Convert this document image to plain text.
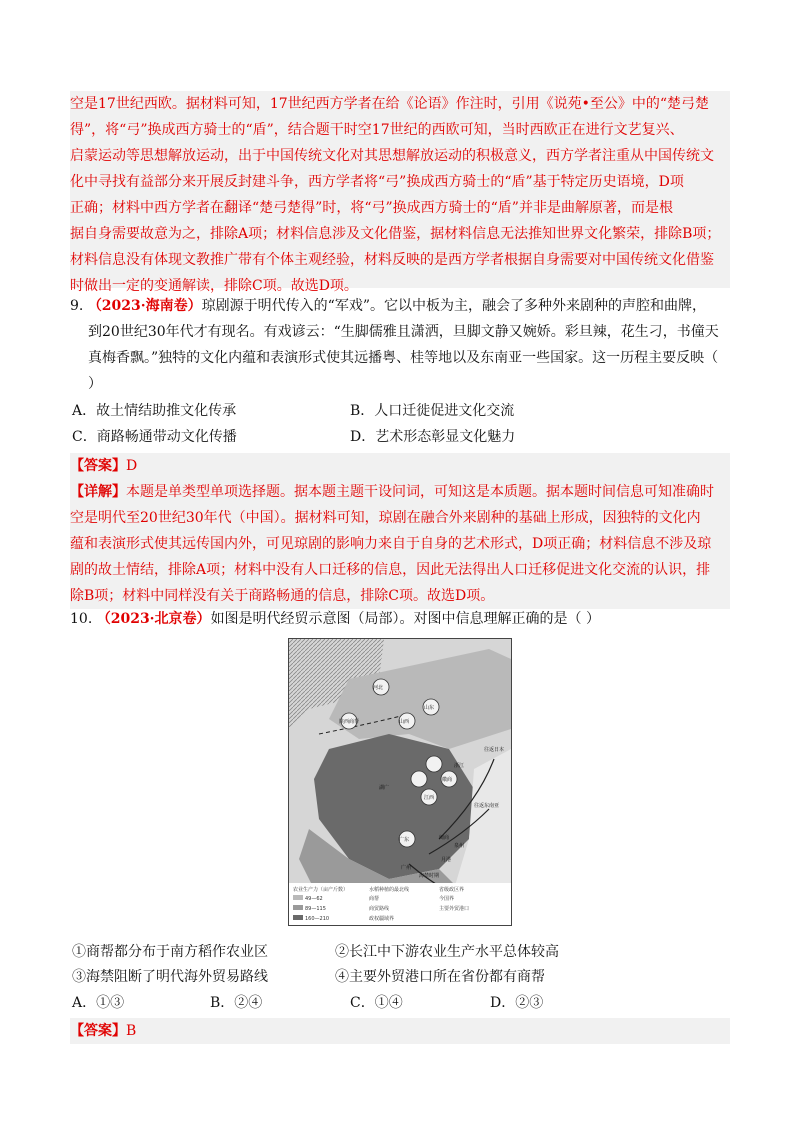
空是17世纪西欧。据材料可知，17世纪西方学者在给《论语》作注时，引用《说苑•至公》中的“楚弓楚
得”，将“弓”换成西方骑士的“盾”，结合题干时空17世纪的西欧可知，当时西欧正在进行文艺复兴、
启蒙运动等思想解放运动，出于中国传统文化对其思想解放运动的积极意义，西方学者注重从中国传统文
化中寻找有益部分来开展反封建斗争，西方学者将“弓”换成西方骑士的“盾”基于特定历史语境，D项
正确；材料中西方学者在翻译“楚弓楚得”时，将“弓”换成西方骑士的“盾”并非是曲解原著，而是根
据自身需要故意为之，排除A项；材料信息涉及文化借鉴，据材料信息无法推知世界文化繁荣，排除B项；
材料信息没有体现文教推广带有个体主观经验，材料反映的是西方学者根据自身需要对中国传统文化借鉴
时做出一定的变通解读，排除C项。故选D项。
9. （2023·海南卷）琼剧源于明代传入的“军戏”。它以中板为主，融会了多种外来剧种的声腔和曲牌，
到20世纪30年代才有现名。有戏谚云：“生脚儒雅且潇洒，旦脚文静又婉娇。彩旦辣，花生刁，书僮天
真梅香飘。”独特的文化内蕴和表演形式使其远播粤、桂等地以及东南亚一些国家。这一历程主要反映（
）
A．故土情结助推文化传承	B．人口迁徙促进文化交流
C．商路畅通带动文化传播	D．艺术形态彰显文化魅力
【答案】D
【详解】本题是单类型单项选择题。据本题主题干设问词，可知这是本质题。据本题时间信息可知准确时
空是明代至20世纪30年代（中国）。据材料可知，琼剧在融合外来剧种的基础上形成，因独特的文化内
蕴和表演形式使其远传国内外，可见琼剧的影响力来自于自身的艺术形式，D项正确；材料信息不涉及琼
剧的故土情结，排除A项；材料中没有人口迁移的信息，因此无法得出人口迁移促进文化交流的认识，排
除B项；材料中同样没有关于商路畅通的信息，排除C项。故选D项。
10. （2023·北京卷）如图是明代经贸示意图（局部）。对图中信息理解正确的是（ ）
农业生产力（亩产斤数）
49—62
89—115
160—210
水稻种植的最北线
商帮
商贸路线
政权疆域界
省级政区界
今国界
主要外贸港口
河北
山东
陕西商帮	山西
徽商
江西
湖广
浙江
闽商
广东
往返日本
往返东南亚
海禁时期
月港
广州
泉州
①商帮都分布于南方稻作农业区	②长江中下游农业生产水平总体较高
③海禁阻断了明代海外贸易路线	④主要外贸港口所在省份都有商帮
A．①③	B．②④	C．①④	D．②③
【答案】B
